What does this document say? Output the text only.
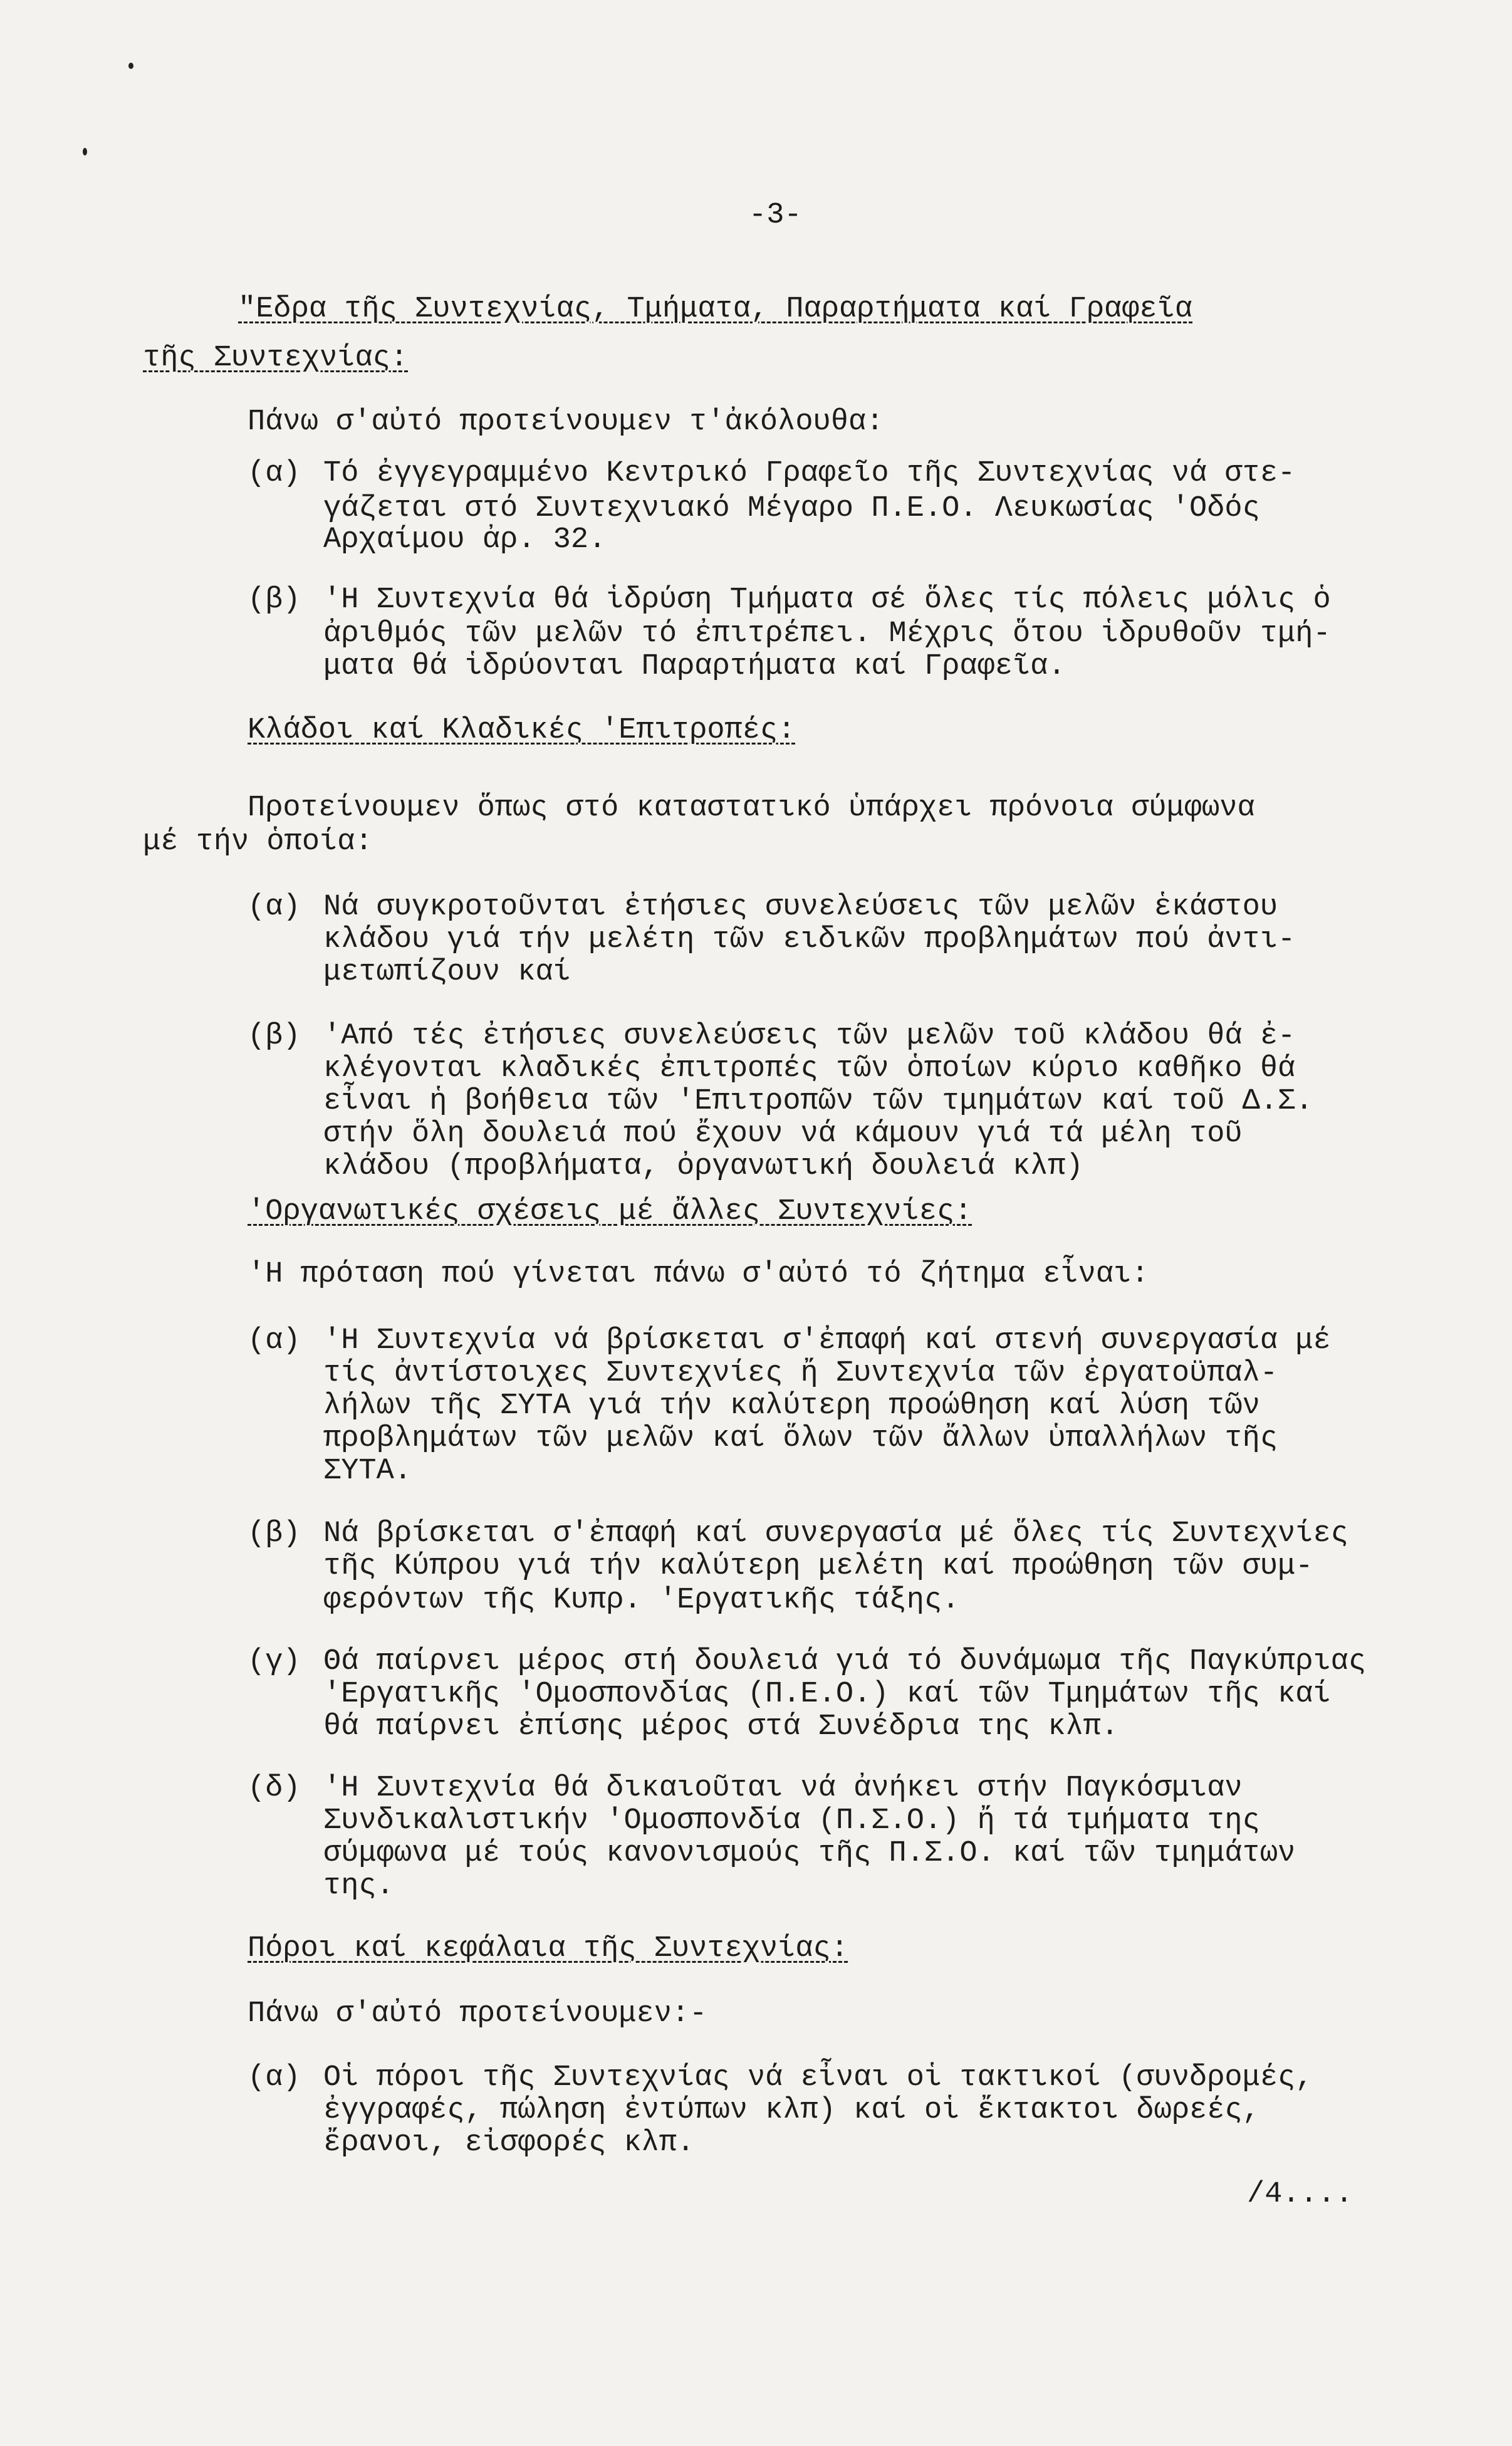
-3-
"Εδρα τῆς Συντεχνίας, Τμήματα, Παραρτήματα καί Γραφεῖα
τῆς Συντεχνίας:
Πάνω σ'αὐτό προτείνουμεν τ'ἀκόλουθα:
(α) Τό ἐγγεγραμμένο Κεντρικό Γραφεῖο τῆς Συντεχνίας νά στε-
γάζεται στό Συντεχνιακό Μέγαρο Π.Ε.Ο. Λευκωσίας 'Οδός
Αρχαίμου ἀρ. 32.
(β) 'Η Συντεχνία θά ἱδρύση Τμήματα σέ ὅλες τίς πόλεις μόλις ὁ
ἀριθμός τῶν μελῶν τό ἐπιτρέπει. Μέχρις ὅτου ἱδρυθοῦν τμή-
ματα θά ἱδρύονται Παραρτήματα καί Γραφεῖα.
Κλάδοι καί Κλαδικές 'Επιτροπές:
Προτείνουμεν ὅπως στό καταστατικό ὑπάρχει πρόνοια σύμφωνα
μέ τήν ὁποία:
(α) Νά συγκροτοῦνται ἐτήσιες συνελεύσεις τῶν μελῶν ἑκάστου
κλάδου γιά τήν μελέτη τῶν ειδικῶν προβλημάτων πού ἀντι-
μετωπίζουν καί
(β) 'Από τές ἐτήσιες συνελεύσεις τῶν μελῶν τοῦ κλάδου θά ἐ-
κλέγονται κλαδικές ἐπιτροπές τῶν ὁποίων κύριο καθῆκο θά
εἶναι ἡ βοήθεια τῶν 'Επιτροπῶν τῶν τμημάτων καί τοῦ Δ.Σ.
στήν ὅλη δουλειά πού ἔχουν νά κάμουν γιά τά μέλη τοῦ
κλάδου (προβλήματα, ὀργανωτική δουλειά κλπ)
'Οργανωτικές σχέσεις μέ ἄλλες Συντεχνίες:
'Η πρόταση πού γίνεται πάνω σ'αὐτό τό ζήτημα εἶναι:
(α) 'Η Συντεχνία νά βρίσκεται σ'ἐπαφή καί στενή συνεργασία μέ
τίς ἀντίστοιχες Συντεχνίες ἤ Συντεχνία τῶν ἐργατοϋπαλ-
λήλων τῆς ΣΥΤΑ γιά τήν καλύτερη προώθηση καί λύση τῶν
προβλημάτων τῶν μελῶν καί ὅλων τῶν ἄλλων ὑπαλλήλων τῆς
ΣΥΤΑ.
(β) Νά βρίσκεται σ'ἐπαφή καί συνεργασία μέ ὅλες τίς Συντεχνίες
τῆς Κύπρου γιά τήν καλύτερη μελέτη καί προώθηση τῶν συμ-
φερόντων τῆς Κυπρ. 'Εργατικῆς τάξης.
(γ) Θά παίρνει μέρος στή δουλειά γιά τό δυνάμωμα τῆς Παγκύπριας
'Εργατικῆς 'Ομοσπονδίας (Π.Ε.Ο.) καί τῶν Τμημάτων τῆς καί
θά παίρνει ἐπίσης μέρος στά Συνέδρια της κλπ.
(δ) 'Η Συντεχνία θά δικαιοῦται νά ἀνήκει στήν Παγκόσμιαν
Συνδικαλιστικήν 'Ομοσπονδία (Π.Σ.Ο.) ἤ τά τμήματα της
σύμφωνα μέ τούς κανονισμούς τῆς Π.Σ.Ο. καί τῶν τμημάτων
της.
Πόροι καί κεφάλαια τῆς Συντεχνίας:
Πάνω σ'αὐτό προτείνουμεν:-
(α) Οἱ πόροι τῆς Συντεχνίας νά εἶναι οἱ τακτικοί (συνδρομές,
ἐγγραφές, πώληση ἐντύπων κλπ) καί οἱ ἔκτακτοι δωρεές,
ἔρανοι, εἰσφορές κλπ.
/4....
